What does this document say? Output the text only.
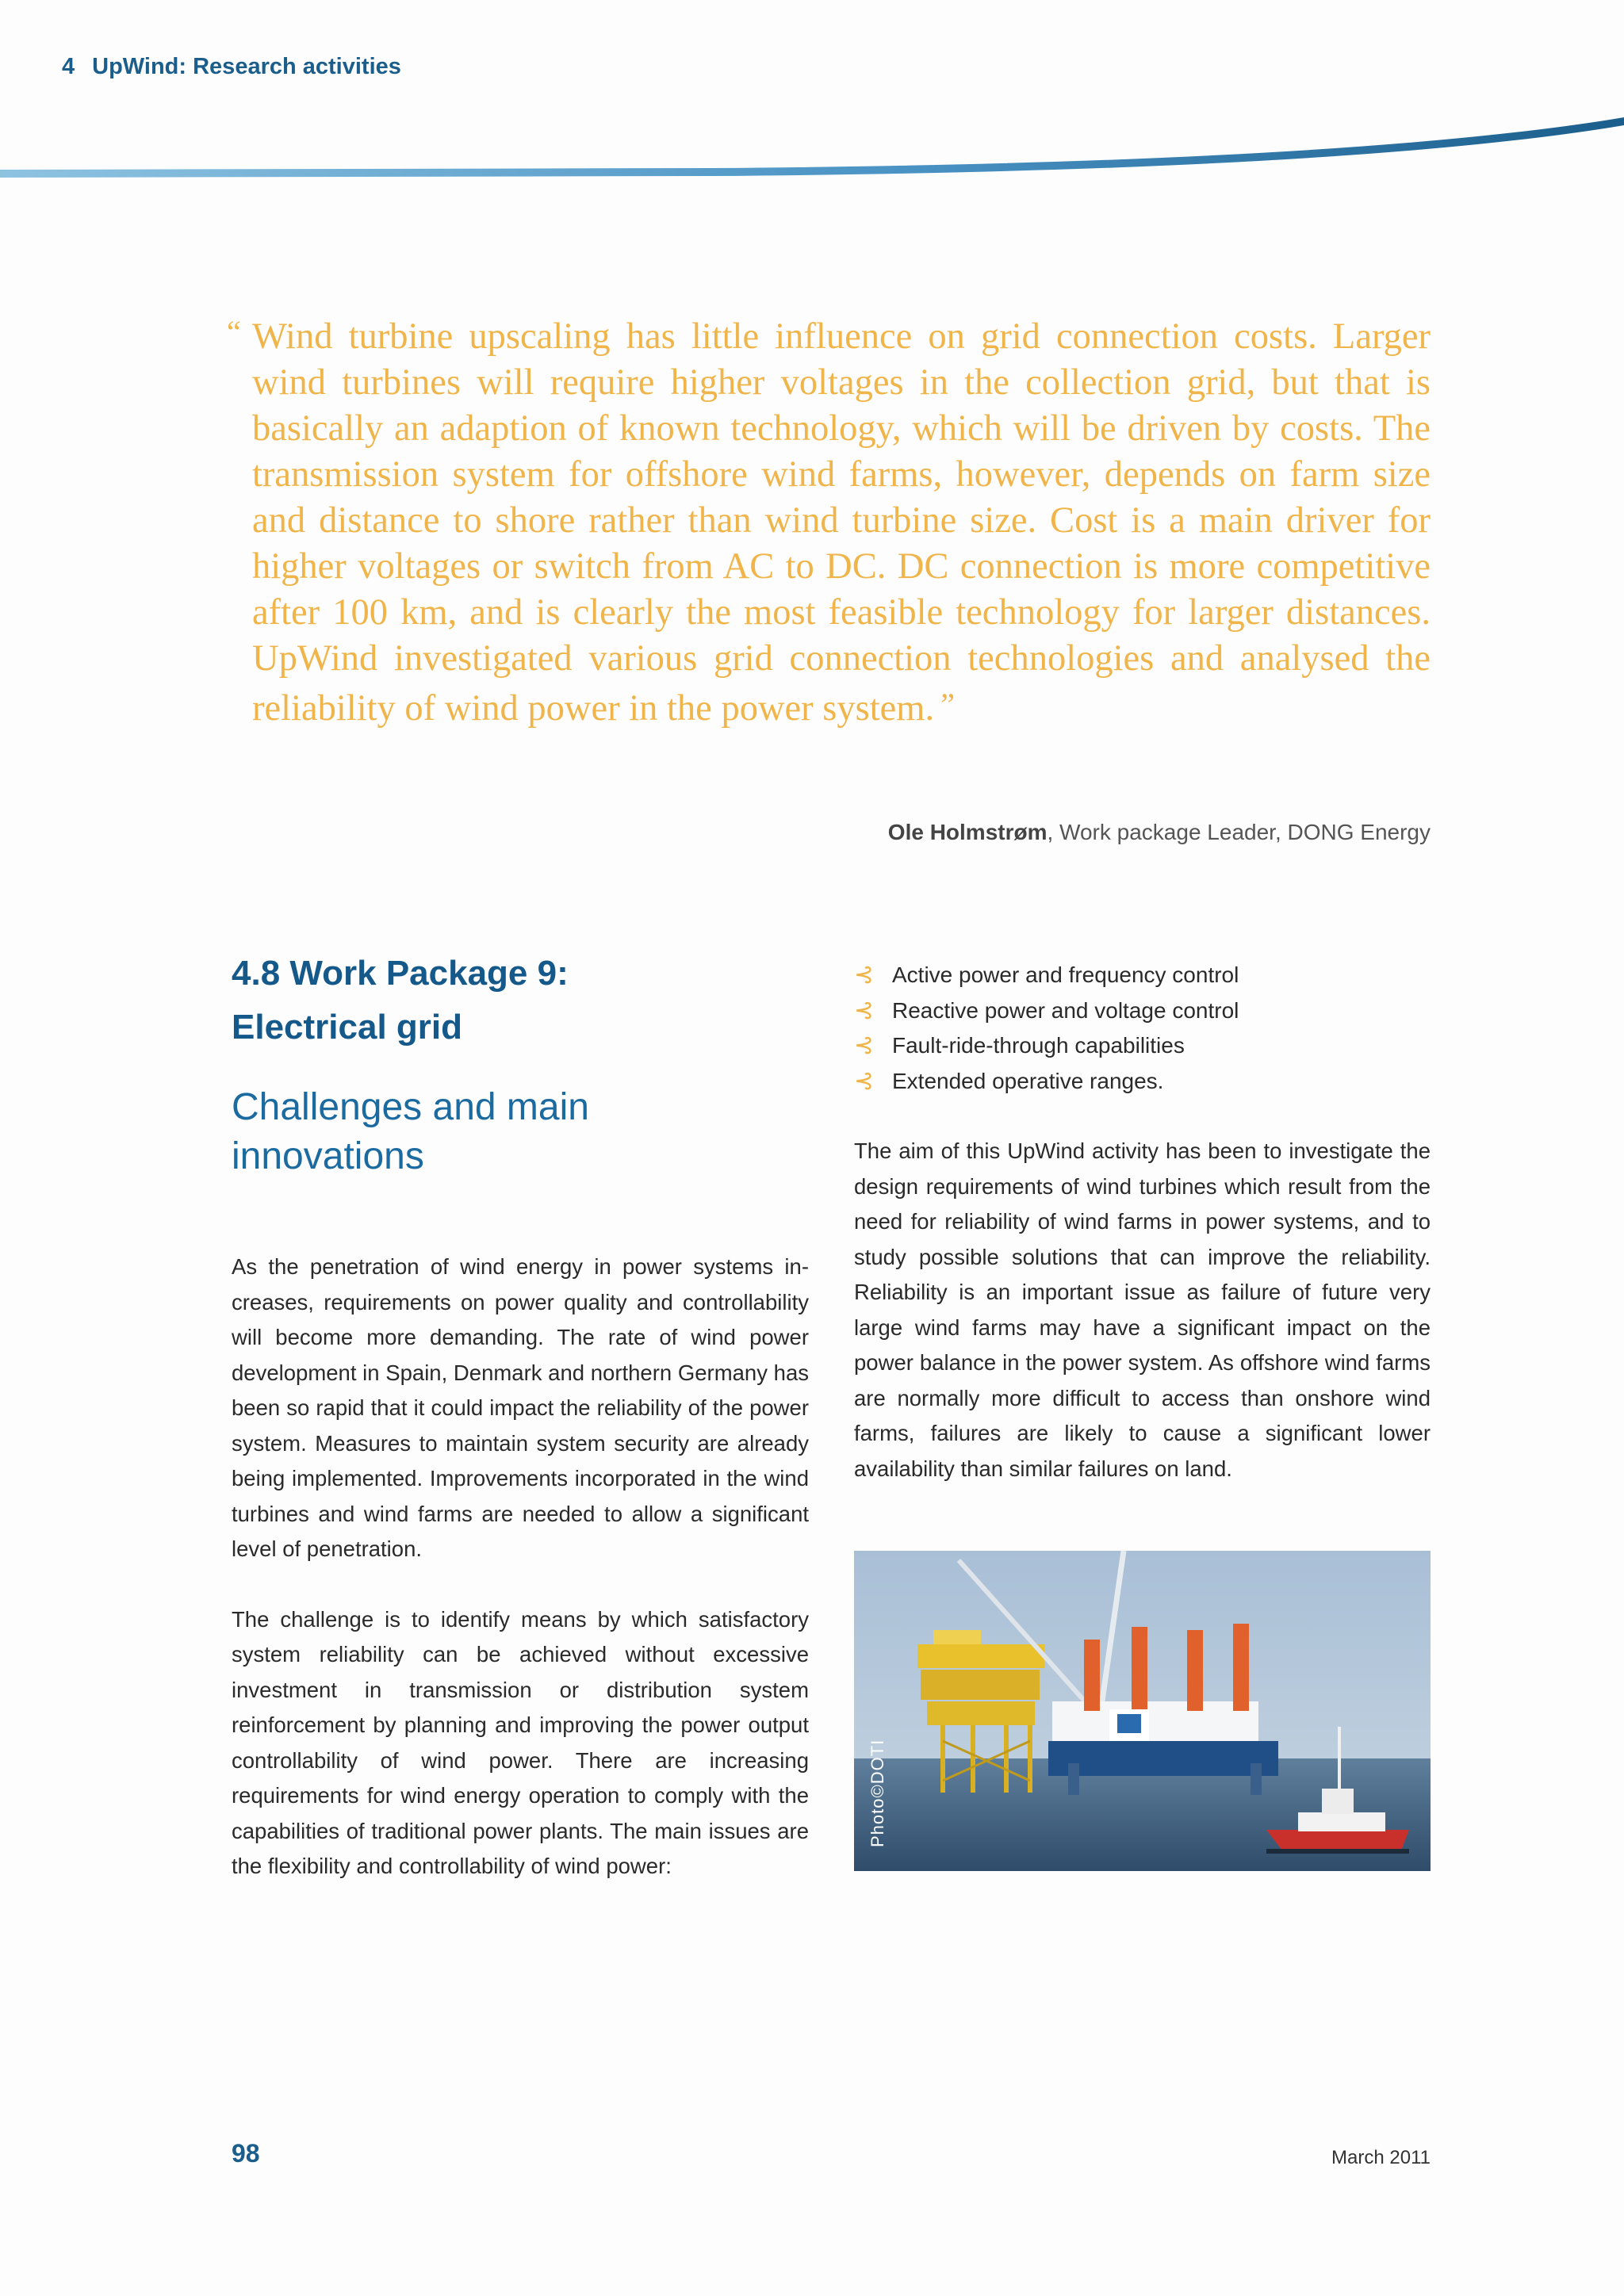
4 UpWind: Research activities
“ Wind turbine upscaling has little influence on grid connection costs. Larger wind turbines will require higher voltages in the collection grid, but that is basically an adaption of known technology, which will be driven by costs. The transmission system for offshore wind farms, however, depends on farm size and distance to shore rather than wind turbine size. Cost is a main driver for higher voltages or switch from AC to DC. DC connection is more competitive after 100 km, and is clearly the most feasible technology for larger distances. UpWind investigated various grid connection technologies and analysed the reliability of wind power in the power system. ”
Ole Holmstrøm, Work package Leader, DONG Energy
4.8 Work Package 9:
Electrical grid
Challenges and main innovations

As the penetration of wind energy in power systems increases, requirements on power quality and controllability will become more demanding. The rate of wind power development in Spain, Denmark and northern Germany has been so rapid that it could impact the reliability of the power system. Measures to maintain system security are already being implemented. Improvements incorporated in the wind turbines and wind farms are needed to allow a significant level of penetration.

The challenge is to identify means by which satisfactory system reliability can be achieved without excessive investment in transmission or distribution system reinforcement by planning and improving the power output controllability of wind power. There are increasing requirements for wind energy operation to comply with the capabilities of traditional power plants. The main issues are the flexibility and controllability of wind power:

⊰ Active power and frequency control
⊰ Reactive power and voltage control
⊰ Fault-ride-through capabilities
⊰ Extended operative ranges.

The aim of this UpWind activity has been to investigate the design requirements of wind turbines which result from the need for reliability of wind farms in power systems, and to study possible solutions that can improve the reliability. Reliability is an important issue as failure of future very large wind farms may have a significant impact on the power balance in the power system. As offshore wind farms are normally more difficult to access than onshore wind farms, failures are likely to cause a significant lower availability than similar failures on land.

Photo©DOTI
98	March 2011
